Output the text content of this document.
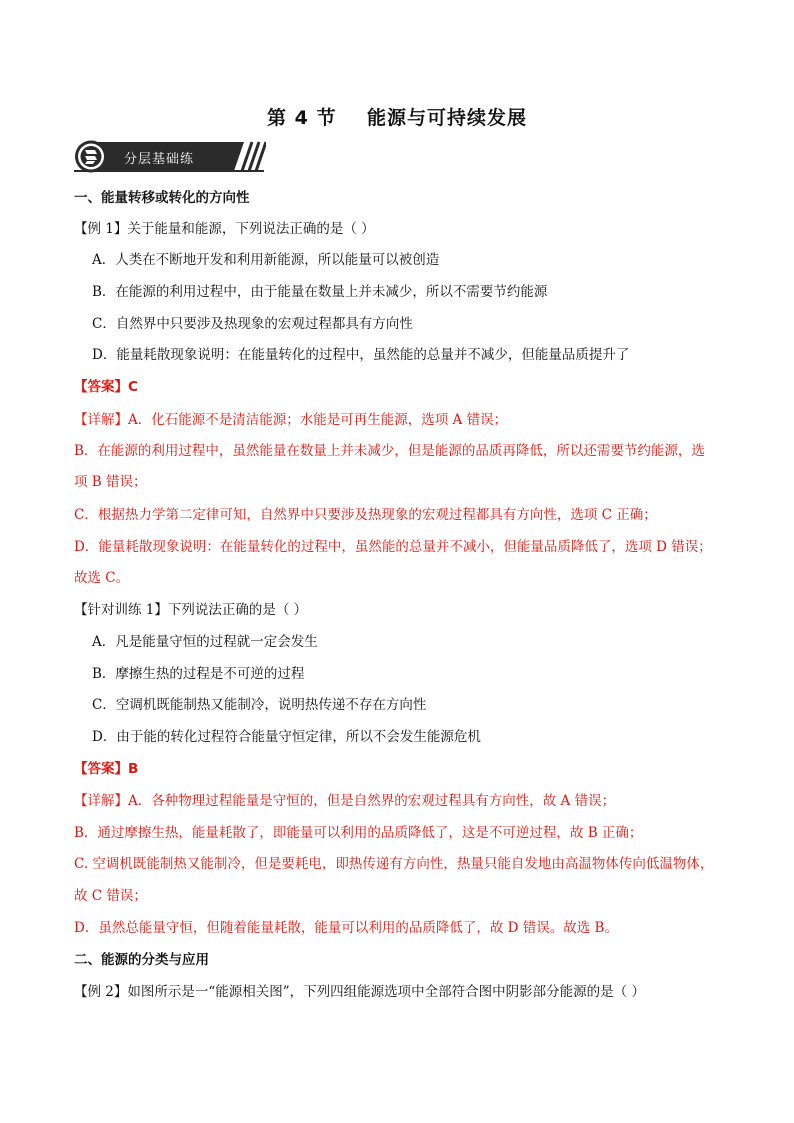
第 4 节    能源与可持续发展
分层基础练
一、能量转移或转化的方向性
【例 1】关于能量和能源，下列说法正确的是（ ）
A．人类在不断地开发和利用新能源，所以能量可以被创造
B．在能源的利用过程中，由于能量在数量上并未减少，所以不需要节约能源
C．自然界中只要涉及热现象的宏观过程都具有方向性
D．能量耗散现象说明：在能量转化的过程中，虽然能的总量并不减少，但能量品质提升了
【答案】C
【详解】A．化石能源不是清洁能源；水能是可再生能源，选项 A 错误；
B．在能源的利用过程中，虽然能量在数量上并未减少，但是能源的品质再降低，所以还需要节约能源，选
项 B 错误；
C．根据热力学第二定律可知，自然界中只要涉及热现象的宏观过程都具有方向性，选项 C 正确；
D．能量耗散现象说明：在能量转化的过程中，虽然能的总量并不减小，但能量品质降低了，选项 D 错误；
故选 C。
【针对训练 1】下列说法正确的是（ ）
A．凡是能量守恒的过程就一定会发生
B．摩擦生热的过程是不可逆的过程
C．空调机既能制热又能制冷，说明热传递不存在方向性
D．由于能的转化过程符合能量守恒定律，所以不会发生能源危机
【答案】B
【详解】A．各种物理过程能量是守恒的，但是自然界的宏观过程具有方向性，故 A 错误；
B．通过摩擦生热，能量耗散了，即能量可以利用的品质降低了，这是不可逆过程，故 B 正确；
C. 空调机既能制热又能制冷，但是要耗电，即热传递有方向性，热量只能自发地由高温物体传向低温物体，
故 C 错误；
D．虽然总能量守恒，但随着能量耗散，能量可以利用的品质降低了，故 D 错误。故选 B。
二、能源的分类与应用
【例 2】如图所示是一“能源相关图”，下列四组能源选项中全部符合图中阴影部分能源的是（ ）
